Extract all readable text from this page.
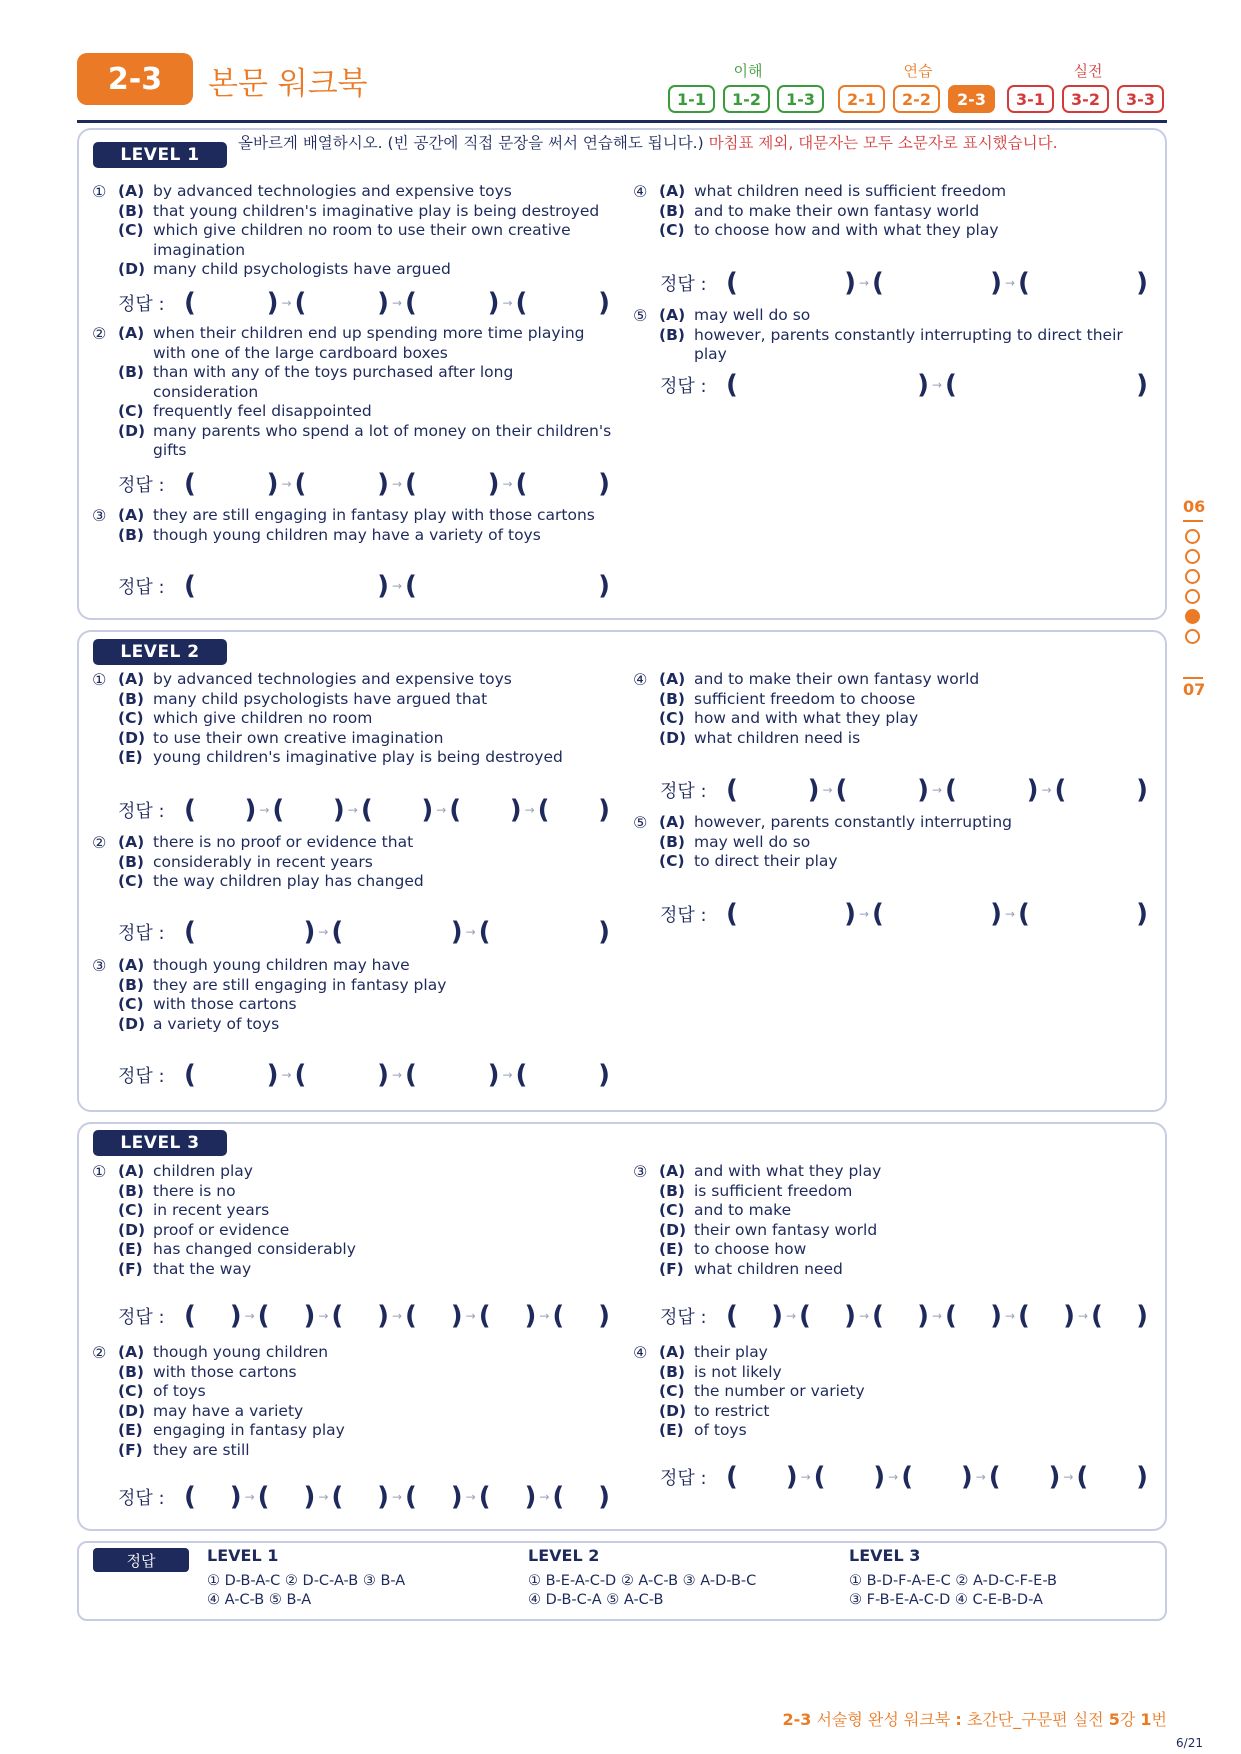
2-3	본문 워크북	이해
1-1	1-2	1-3
연습
2-1	2-2	2-3
실전
3-1	3-2	3-3
LEVEL 1
LEVEL 2
LEVEL 3
올바르게 배열하시오. (빈 공간에 직접 문장을 써서 연습해도 됩니다.) 마침표 제외, 대문자는 모두 소문자로 표시했습니다.
① (A) by advanced technologies and expensive toys
(B) that young children's imaginative play is being destroyed
(C) which give children no room to use their own creative imagination
(D) many child psychologists have argued
정답 : (	) → (	) → (	) → (	)
② (A) when their children end up spending more time playing with one of the large cardboard boxes
(B) than with any of the toys purchased after long consideration
(C) frequently feel disappointed
(D) many parents who spend a lot of money on their children's gifts
정답 : (	) → (	) → (	) → (	)
③ (A) they are still engaging in fantasy play with those cartons
(B) though young children may have a variety of toys
정답 : (	) → (	)
④ (A) what children need is sufficient freedom
(B) and to make their own fantasy world
(C) to choose how and with what they play
정답 : (	) → (	) → (	)
⑤ (A) may well do so
(B) however, parents constantly interrupting to direct their play
정답 : (	) → (	)
① (A) by advanced technologies and expensive toys
(B) many child psychologists have argued that
(C) which give children no room
(D) to use their own creative imagination
(E) young children's imaginative play is being destroyed
정답 : ( ) → ( ) → ( ) → ( ) → ( )
② (A) there is no proof or evidence that
(B) considerably in recent years
(C) the way children play has changed
정답 : (	) → (	) → (	)
③ (A) though young children may have
(B) they are still engaging in fantasy play
(C) with those cartons
(D) a variety of toys
정답 : (	) → (	) → (	) → (	)
④ (A) and to make their own fantasy world
(B) sufficient freedom to choose
(C) how and with what they play
(D) what children need is
정답 : (	) → (	) → (	) → (	)
⑤ (A) however, parents constantly interrupting
(B) may well do so
(C) to direct their play
정답 : (	) → (	) → (	)
① (A) children play
(B) there is no
(C) in recent years
(D) proof or evidence
(E) has changed considerably
(F) that the way
정답 : ( ) → ( ) → ( ) → ( ) → ( ) → ( )
② (A) though young children
(B) with those cartons
(C) of toys
(D) may have a variety
(E) engaging in fantasy play
(F) they are still
정답 : ( ) → ( ) → ( ) → ( ) → ( ) → ( )
③ (A) and with what they play
(B) is sufficient freedom
(C) and to make
(D) their own fantasy world
(E) to choose how
(F) what children need
정답 : ( ) → ( ) → ( ) → ( ) → ( ) → ( )
④ (A) their play
(B) is not likely
(C) the number or variety
(D) to restrict
(E) of toys
정답 : ( ) → ( ) → ( ) → ( ) → ( )
정답	LEVEL 1
① D-B-A-C ② D-C-A-B ③ B-A
④ A-C-B ⑤ B-A
LEVEL 2
① B-E-A-C-D ② A-C-B ③ A-D-B-C
④ D-B-C-A ⑤ A-C-B
LEVEL 3
① B-D-F-A-E-C ② A-D-C-F-E-B
③ F-B-E-A-C-D ④ C-E-B-D-A
06
07
2-3 서술형 완성 워크북 : 초간단_구문편 실전 5강 1번
6/21
